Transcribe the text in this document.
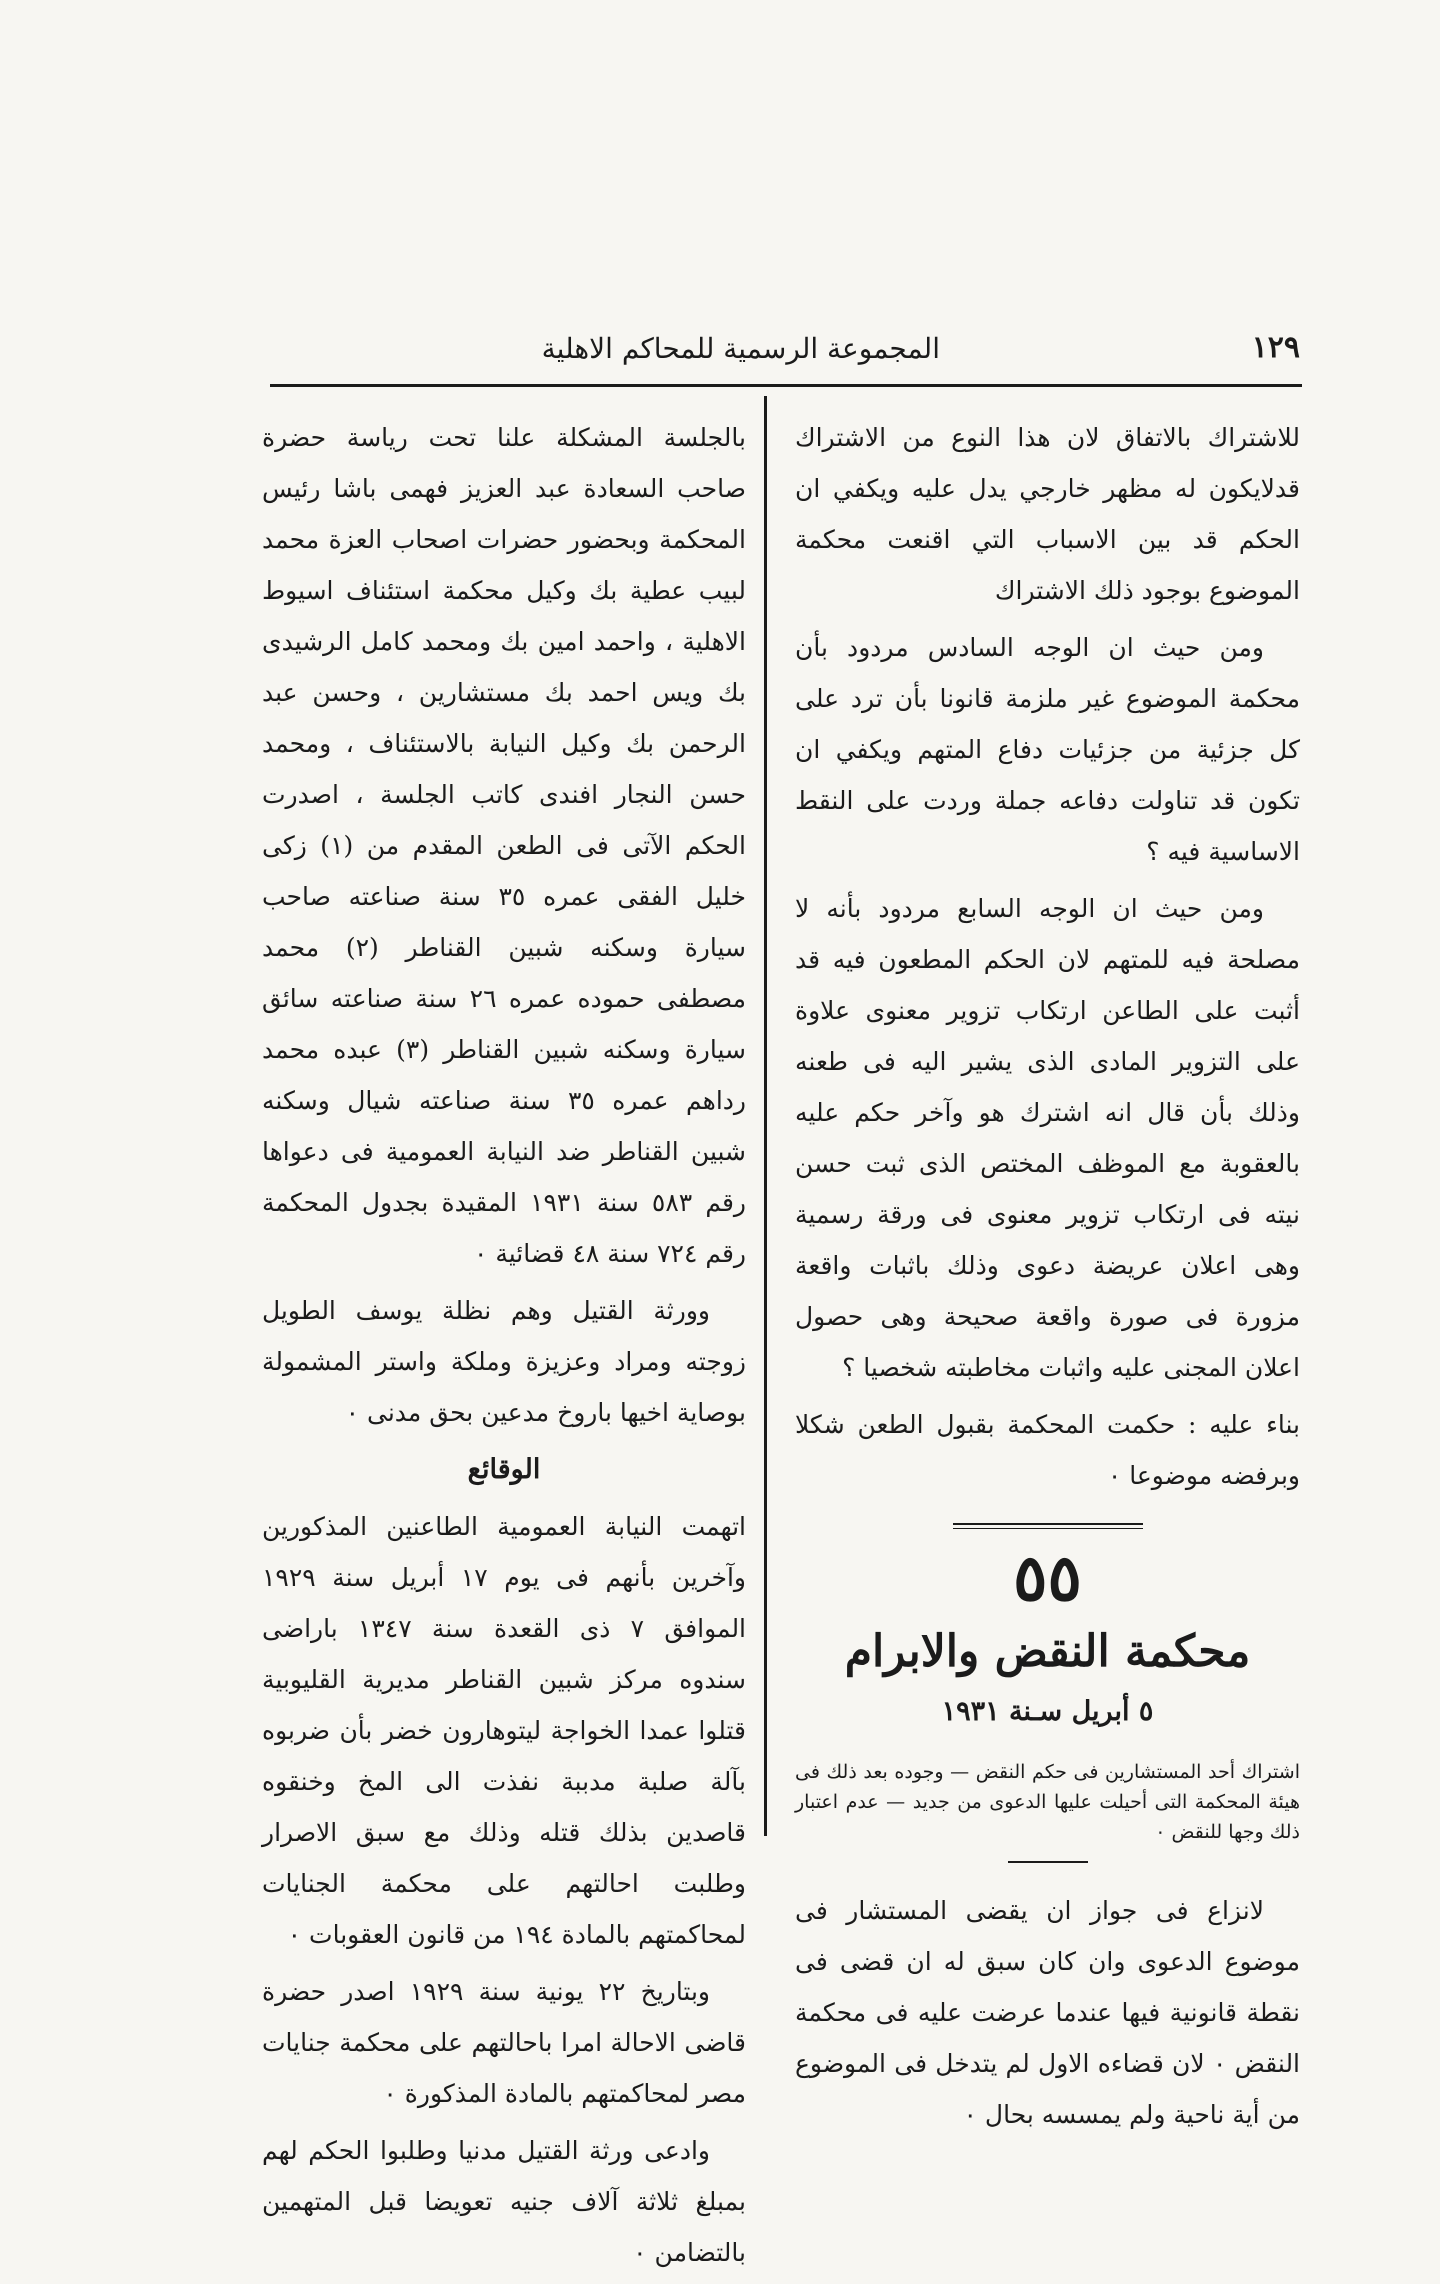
١٢٩
المجموعة الرسمية للمحاكم الاهلية

للاشتراك بالاتفاق لان هذا النوع من الاشتراك قدلايكون له مظهر خارجي يدل عليه ويكفي ان الحكم قد بين الاسباب التي اقنعت محكمة الموضوع بوجود ذلك الاشتراك

ومن حيث ان الوجه السادس مردود بأن محكمة الموضوع غير ملزمة قانونا بأن ترد على كل جزئية من جزئيات دفاع المتهم ويكفي ان تكون قد تناولت دفاعه جملة وردت على النقط الاساسية فيه ؟

ومن حيث ان الوجه السابع مردود بأنه لا مصلحة فيه للمتهم لان الحكم المطعون فيه قد أثبت على الطاعن ارتكاب تزوير معنوى علاوة على التزوير المادى الذى يشير اليه فى طعنه وذلك بأن قال انه اشترك هو وآخر حكم عليه بالعقوبة مع الموظف المختص الذى ثبت حسن نيته فى ارتكاب تزوير معنوى فى ورقة رسمية وهى اعلان عريضة دعوى وذلك باثبات واقعة مزورة فى صورة واقعة صحيحة وهى حصول اعلان المجنى عليه واثبات مخاطبته شخصيا ؟

بناء عليه : حكمت المحكمة بقبول الطعن شكلا وبرفضه موضوعا ٠

٥٥
محكمة النقض والابرام
٥ أبريل سـنة ١٩٣١
اشتراك أحد المستشارين فى حكم النقض — وجوده بعد ذلك فى هيئة المحكمة التى أحيلت عليها الدعوى من جديد — عدم اعتبار ذلك وجها للنقض ٠

لانزاع فى جواز ان يقضى المستشار فى موضوع الدعوى وان كان سبق له ان قضى فى نقطة قانونية فيها عندما عرضت عليه فى محكمة النقض ٠ لان قضاءه الاول لم يتدخل فى الموضوع من أية ناحية ولم يمسسه بحال ٠

بالجلسة المشكلة علنا تحت رياسة حضرة صاحب السعادة عبد العزيز فهمى باشا رئيس المحكمة وبحضور حضرات اصحاب العزة محمد لبيب عطية بك وكيل محكمة استئناف اسيوط الاهلية ، واحمد امين بك ومحمد كامل الرشيدى بك ويس احمد بك مستشارين ، وحسن عبد الرحمن بك وكيل النيابة بالاستئناف ، ومحمد حسن النجار افندى كاتب الجلسة ، اصدرت الحكم الآتى فى الطعن المقدم من (١) زكى خليل الفقى عمره ٣٥ سنة صناعته صاحب سيارة وسكنه شبين القناطر (٢) محمد مصطفى حموده عمره ٢٦ سنة صناعته سائق سيارة وسكنه شبين القناطر (٣) عبده محمد رداهم عمره ٣٥ سنة صناعته شيال وسكنه شبين القناطر ضد النيابة العمومية فى دعواها رقم ٥٨٣ سنة ١٩٣١ المقيدة بجدول المحكمة رقم ٧٢٤ سنة ٤٨ قضائية ٠

وورثة القتيل وهم نظلة يوسف الطويل زوجته ومراد وعزيزة وملكة واستر المشمولة بوصاية اخيها باروخ مدعين بحق مدنى ٠

الوقائع

اتهمت النيابة العمومية الطاعنين المذكورين وآخرين بأنهم فى يوم ١٧ أبريل سنة ١٩٢٩ الموافق ٧ ذى القعدة سنة ١٣٤٧ باراضى سندوه مركز شبين القناطر مديرية القليوبية قتلوا عمدا الخواجة ليتوهارون خضر بأن ضربوه بآلة صلبة مدببة نفذت الى المخ وخنقوه قاصدين بذلك قتله وذلك مع سبق الاصرار وطلبت احالتهم على محكمة الجنايات لمحاكمتهم بالمادة ١٩٤ من قانون العقوبات ٠

وبتاريخ ٢٢ يونية سنة ١٩٢٩ اصدر حضرة قاضى الاحالة امرا باحالتهم على محكمة جنايات مصر لمحاكمتهم بالمادة المذكورة ٠

وادعى ورثة القتيل مدنيا وطلبوا الحكم لهم بمبلغ ثلاثة آلاف جنيه تعويضا قبل المتهمين بالتضامن ٠
